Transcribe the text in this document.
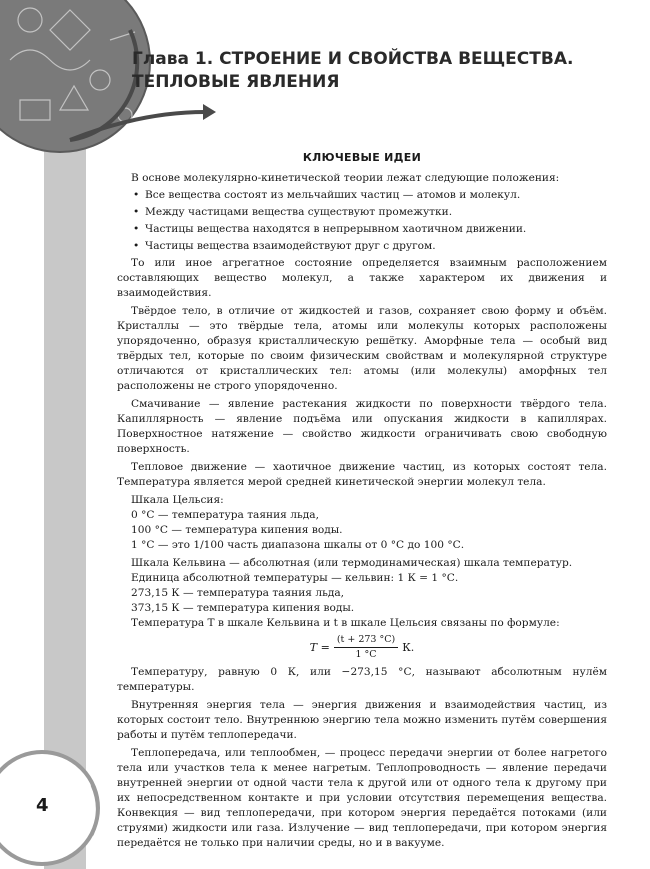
Глава 1. СТРОЕНИЕ И СВОЙСТВА ВЕЩЕСТВА.
ТЕПЛОВЫЕ ЯВЛЕНИЯ
КЛЮЧЕВЫЕ ИДЕИ

В основе молекулярно-кинетической теории лежат следующие положения:

• Все вещества состоят из мельчайших частиц — атомов и молекул.
• Между частицами вещества существуют промежутки.
• Частицы вещества находятся в непрерывном хаотичном движении.
• Частицы вещества взаимодействуют друг с другом.

То или иное агрегатное состояние определяется взаимным расположением составляющих вещество молекул, а также характером их движения и взаимодействия.

Твёрдое тело, в отличие от жидкостей и газов, сохраняет свою форму и объём. Кристаллы — это твёрдые тела, атомы или молекулы которых расположены упорядоченно, образуя кристаллическую решётку. Аморфные тела — особый вид твёрдых тел, которые по своим физическим свойствам и молекулярной структуре отличаются от кристаллических тел: атомы (или молекулы) аморфных тел расположены не строго упорядоченно.

Смачивание — явление растекания жидкости по поверхности твёрдого тела. Капиллярность — явление подъёма или опускания жидкости в капиллярах. Поверхностное натяжение — свойство жидкости ограничивать свою свободную поверхность.

Тепловое движение — хаотичное движение частиц, из которых состоят тела. Температура является мерой средней кинетической энергии молекул тела.

Шкала Цельсия:

0 °С — температура таяния льда,

100 °С — температура кипения воды.

1 °С — это 1/100 часть диапазона шкалы от 0 °С до 100 °С.

Шкала Кельвина — абсолютная (или термодинамическая) шкала температур.

Единица абсолютной температуры — кельвин: 1 К = 1 °С.

273,15 К — температура таяния льда,

373,15 К — температура кипения воды.

Температура T в шкале Кельвина и t в шкале Цельсия связаны по формуле:

$T = \frac{(t + 273 ^\circ C)}{1 ^\circ C} К$.

Температуру, равную 0 К, или −273,15 °С, называют абсолютным нулём температуры.

Внутренняя энергия тела — энергия движения и взаимодействия частиц, из которых состоит тело. Внутреннюю энергию тела можно изменить путём совершения работы и путём теплопередачи.

Теплопередача, или теплообмен, — процесс передачи энергии от более нагретого тела или участков тела к менее нагретым. Теплопроводность — явление передачи внутренней энергии от одной части тела к другой или от одного тела к другому при их непосредственном контакте и при условии отсутствия перемещения вещества. Конвекция — вид теплопередачи, при котором энергия передаётся потоками (или струями) жидкости или газа. Излучение — вид теплопередачи, при котором энергия передаётся не только при наличии среды, но и в вакууме.

4
